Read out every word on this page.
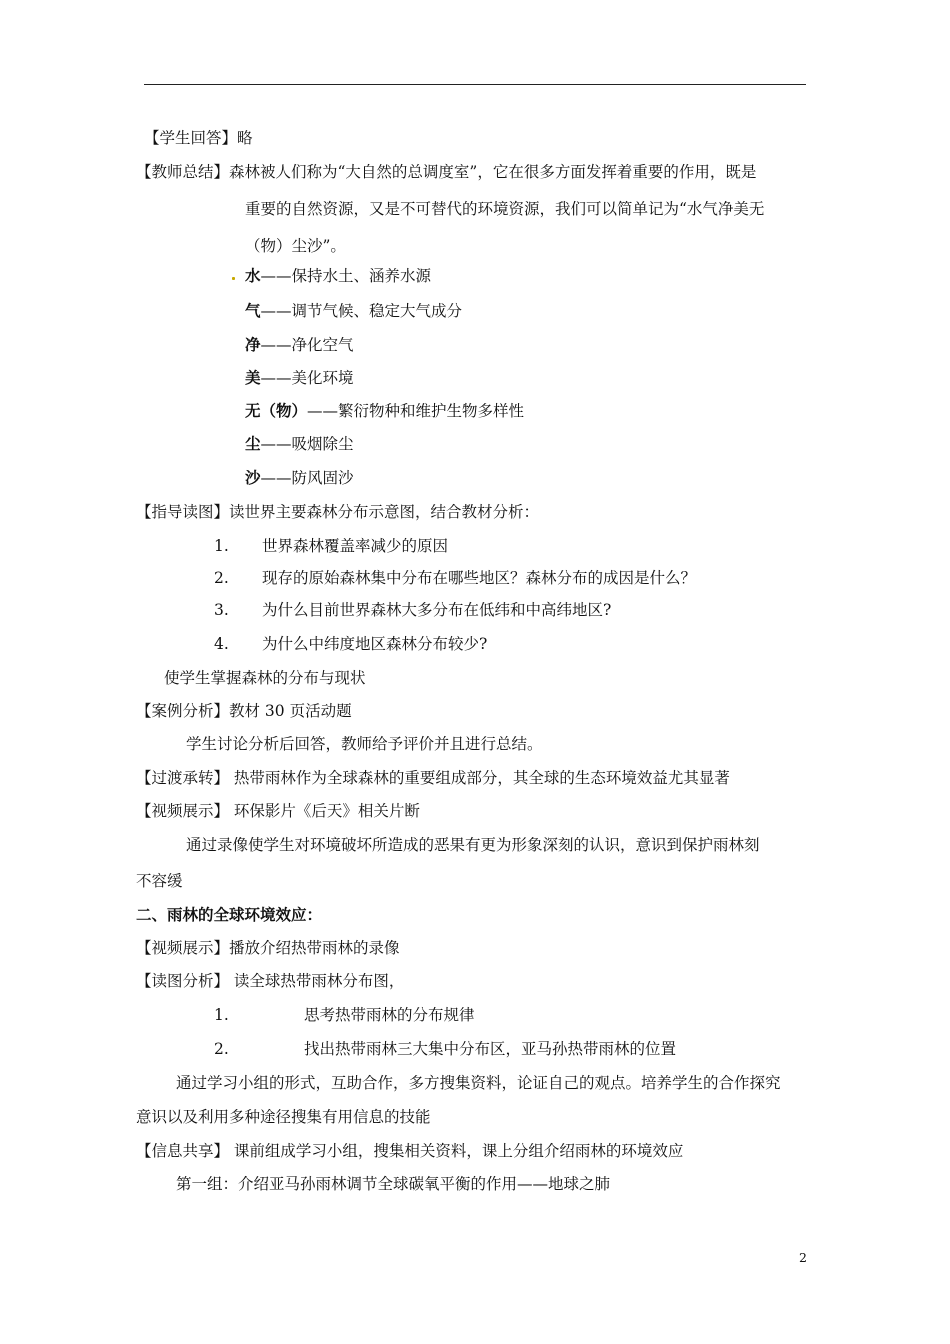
【学生回答】略
【教师总结】森林被人们称为“大自然的总调度室”，它在很多方面发挥着重要的作用，既是
重要的自然资源，又是不可替代的环境资源，我们可以简单记为“水气净美无
（物）尘沙”。
水——保持水土、涵养水源
气——调节气候、稳定大气成分
净——净化空气
美——美化环境
无（物）——繁衍物种和维护生物多样性
尘——吸烟除尘
沙——防风固沙
【指导读图】读世界主要森林分布示意图，结合教材分析：
1. 世界森林覆盖率减少的原因
2. 现存的原始森林集中分布在哪些地区？森林分布的成因是什么？
3. 为什么目前世界森林大多分布在低纬和中高纬地区?
4. 为什么中纬度地区森林分布较少?
使学生掌握森林的分布与现状
【案例分析】教材 30 页活动题
学生讨论分析后回答，教师给予评价并且进行总结。
【过渡承转】 热带雨林作为全球森林的重要组成部分，其全球的生态环境效益尤其显著
【视频展示】 环保影片《后天》相关片断
通过录像使学生对环境破坏所造成的恶果有更为形象深刻的认识，意识到保护雨林刻
不容缓
二、雨林的全球环境效应：
【视频展示】播放介绍热带雨林的录像
【读图分析】 读全球热带雨林分布图，
1.	思考热带雨林的分布规律
2.	找出热带雨林三大集中分布区，亚马孙热带雨林的位置
通过学习小组的形式，互助合作，多方搜集资料，论证自己的观点。培养学生的合作探究
意识以及利用多种途径搜集有用信息的技能
【信息共享】 课前组成学习小组，搜集相关资料，课上分组介绍雨林的环境效应
第一组：介绍亚马孙雨林调节全球碳氧平衡的作用——地球之肺
2
